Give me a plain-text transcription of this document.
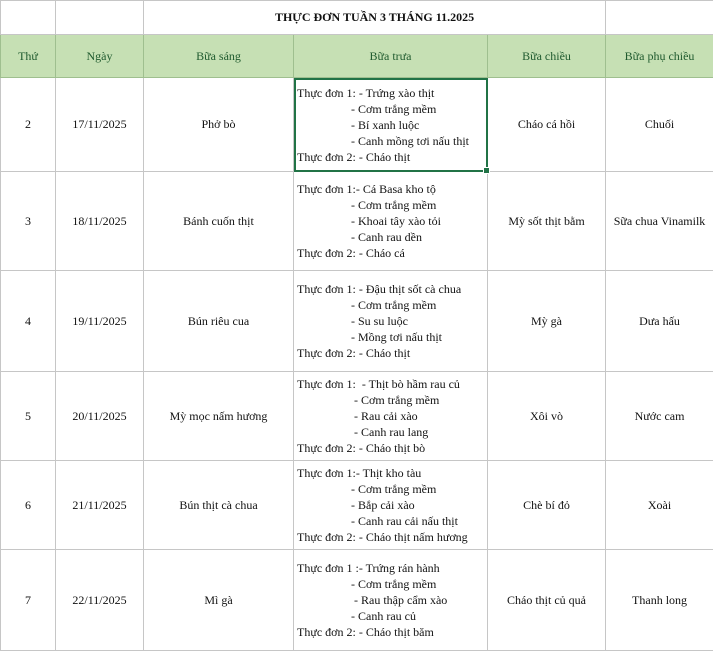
		THỰC ĐƠN TUẦN 3 THÁNG 11.2025			
Thứ	Ngày	Bữa sáng	Bữa trưa	Bữa chiều	Bữa phụ chiều
2	17/11/2025	Phở bò	Thực đơn 1: - Trứng xào thịt
- Cơm trắng mềm
- Bí xanh luộc
- Canh mồng tơi nấu thịt
Thực đơn 2: - Cháo thịt	Cháo cá hồi	Chuối
3	18/11/2025	Bánh cuốn thịt	Thực đơn 1:- Cá Basa kho tộ
- Cơm trắng mềm
- Khoai tây xào tỏi
- Canh rau dền
Thực đơn 2: - Cháo cá	Mỳ sốt thịt bằm	Sữa chua Vinamilk
4	19/11/2025	Bún riêu cua	Thực đơn 1: - Đậu thịt sốt cà chua
- Cơm trắng mềm
- Su su luộc
- Mồng tơi nấu thịt
Thực đơn 2: - Cháo thịt	Mỳ gà	Dưa hấu
5	20/11/2025	Mỳ mọc nấm hương	Thực đơn 1:  - Thịt bò hầm rau củ
- Cơm trắng mềm
- Rau cải xào
- Canh rau lang
Thực đơn 2: - Cháo thịt bò	Xôi vò	Nước cam
6	21/11/2025	Bún thịt cà chua	Thực đơn 1:- Thịt kho tàu
- Cơm trắng mềm
- Bắp cải xào
- Canh rau cải nấu thịt
Thực đơn 2: - Cháo thịt nấm hương	Chè bí đỏ	Xoài
7	22/11/2025	Mì gà	Thực đơn 1 :- Trứng rán hành
- Cơm trắng mềm
- Rau thập cẩm xào
- Canh rau củ
Thực đơn 2: - Cháo thịt băm	Cháo thịt củ quả	Thanh long
